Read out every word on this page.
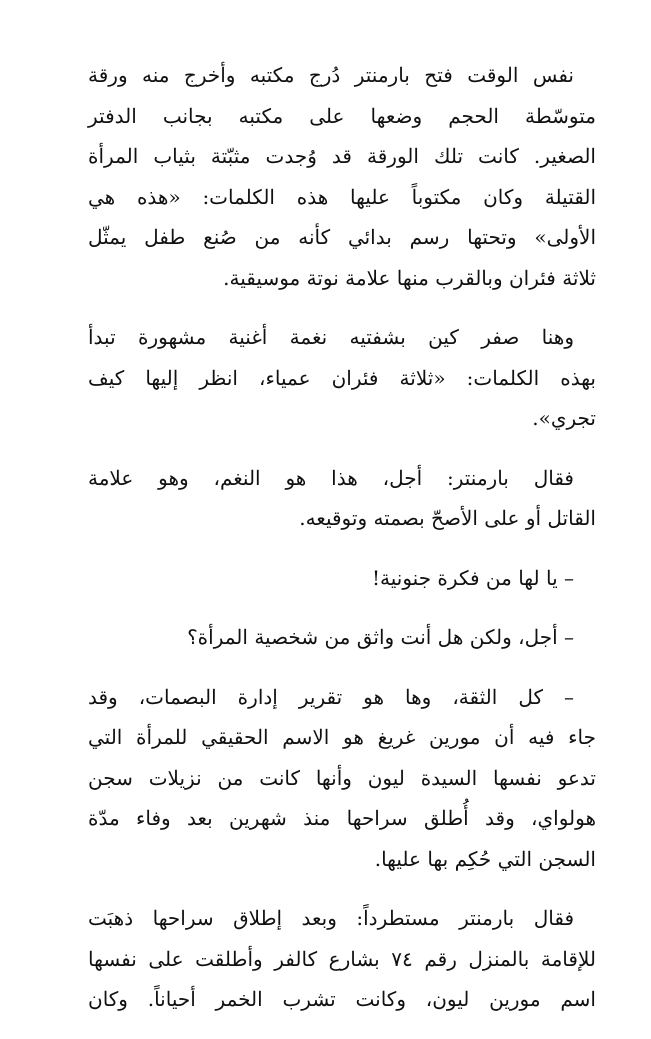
نفس الوقت فتح بارمنتر دُرج مكتبه وأخرج منه ورقة
متوسّطة الحجم وضعها على مكتبه بجانب الدفتر
الصغير. كانت تلك الورقة قد وُجدت مثبّتة بثياب المرأة
القتيلة وكان مكتوباً عليها هذه الكلمات: «هذه هي
الأولى» وتحتها رسم بدائي كأنه من صُنع طفل يمثّل
ثلاثة فئران وبالقرب منها علامة نوتة موسيقية.

وهنا صفر كين بشفتيه نغمة أغنية مشهورة تبدأ
بهذه الكلمات: «ثلاثة فئران عمياء، انظر إليها كيف
تجري».

فقال بارمنتر: أجل، هذا هو النغم، وهو علامة
القاتل أو على الأصحّ بصمته وتوقيعه.

– يا لها من فكرة جنونية!

– أجل، ولكن هل أنت واثق من شخصية المرأة؟

– كل الثقة، وها هو تقرير إدارة البصمات، وقد
جاء فيه أن مورين غريغ هو الاسم الحقيقي للمرأة التي
تدعو نفسها السيدة ليون وأنها كانت من نزيلات سجن
هولواي، وقد أُطلق سراحها منذ شهرين بعد وفاء مدّة
السجن التي حُكِم بها عليها.

فقال بارمنتر مستطرداً: وبعد إطلاق سراحها ذهبَت
للإقامة بالمنزل رقم ٧٤ بشارع كالفر وأطلقت على نفسها
اسم مورين ليون، وكانت تشرب الخمر أحياناً. وكان
